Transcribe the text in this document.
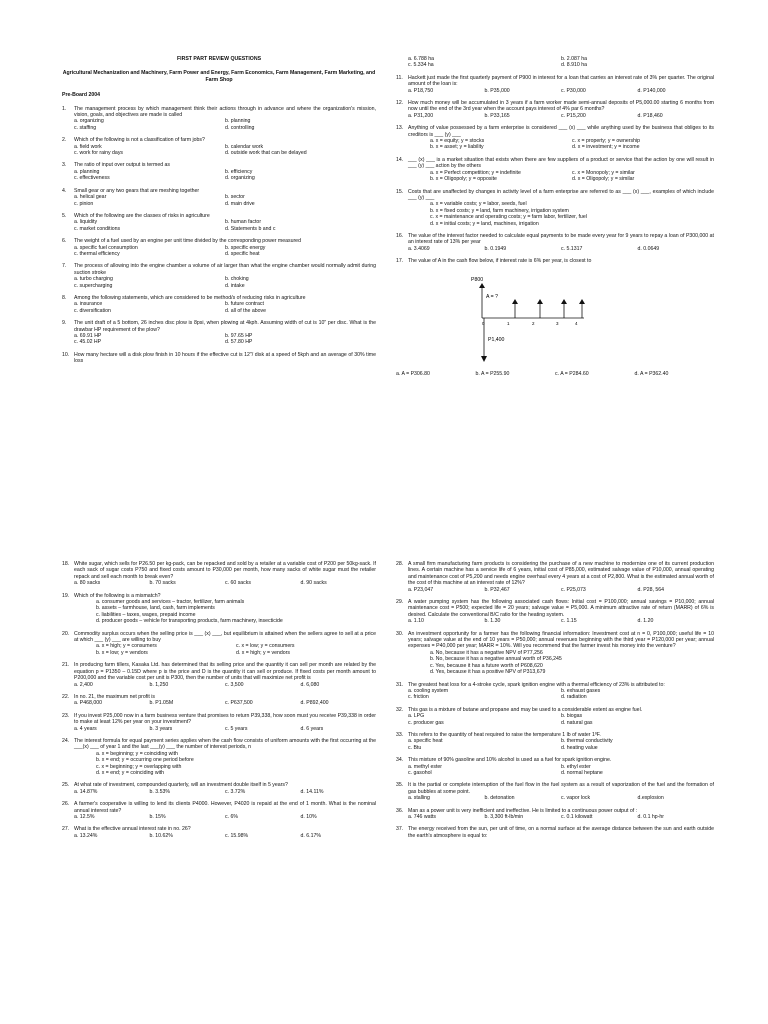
FIRST PART REVIEW QUESTIONS
Agricultural Mechanization and Machinery, Farm Power and Energy, Farm Economics, Farm Management, Farm Marketing, and Farm Shop
Pre-Board 2004
1.	The management process by which management think their actions through in advance and where the organization's mission, vision, goals, and objectives are made is called
a. organizing	b. planning
c. staffing	d. controlling
2.	Which of the following is not a classification of farm jobs?
a. field work	b. calendar work
c. work for rainy days	d. outside work that can be delayed
3.	The ratio of input over output is termed as
a. planning	b. efficiency
c. effectiveness	d. organizing
4.	Small gear or any two gears that are meshing together
a. helical gear	b. sector
c. pinion	d. main drive
5.	Which of the following are the classes of risks in agriculture
a. liquidity	b. human factor
c. market conditions	d. Statements b and c
6.	The weight of a fuel used by an engine per unit time divided by the corresponding power measured
a. specific fuel consumption	b. specific energy
c. thermal efficiency	d. specific heat
7.	The process of allowing into the engine chamber a volume of air larger than what the engine chamber would normally admit during suction stroke
a. turbo charging	b. choking
c. supercharging	d. intake
8.	Among the following statements, which are considered to be method/s of reducing risks in agriculture
a. insurance	b. future contract
c. diversification	d. all of the above
9.	The unit draft of a 5 bottom, 26 inches disc plow is 8psi, when plowing at 4kph. Assuming width of cut is 10" per disc. What is the drawbar HP requirement of the plow?
a. 69.91 HP	b. 97.65 HP
c. 45.02 HP	d. 57.80 HP
10. How many hectare will a disk plow finish in 10 hours if the effective cut is 12"/ disk at a speed of 5kph and an average of 30% time loss
a. 6.788 ha	b. 2.087 ha
c. 5.334 ha	d. 8.910 ha
11. Hackett just made the first quarterly payment of P900 in interest for a loan that carries an interest rate of 3% per quarter. The original amount of the loan is:
a. P18,750	b. P35,000	c. P30,000	d. P140,000
12. How much money will be accumulated in 3 years if a farm worker made semi-annual deposits of P5,000.00 starting 6 months from now until the end of the 3rd year when the account pays interest of 4% par 6 months?
a. P31,200	b. P33,165	c. P15,200	d. P18,460
13. Anything of value possessed by a farm enterprise is considered ___ (x) ___ while anything used by the business that obliges to its creditors is ___ (y) ___
a. x = equity; y = stocks	c. x = property; y = ownership
b. x = asset; y = liability	d. x = investment; y = income
14. ___ (x) ___ is a market situation that exists when there are few suppliers of a product or service that the action by one will result in ___ (y) ___ action by the others
a. x = Perfect competition; y = indefinite	c. x = Monopoly; y = similar
b. x = Oligopoly; y = opposite	d. x = Oligopoly; y = similar
15. Costs that are unaffected by changes in activity level of a farm enterprise are referred to as ___ (x) ___, examples of which include ___ (y) ___
a. x = variable costs; y = labor, seeds, fuel
b. x = fixed costs; y = land, farm machinery, irrigation system
c. x = maintenance and operating costs; y = farm labor, fertilizer, fuel
d. x = initial costs; y = land, machines, irrigation
16. The value of the interest factor needed to calculate equal payments to be made every year for 9 years to repay a loan of P300,000 at an interest rate of 13% per year
a. 3.4069	b. 0.1949	c. 5.1317	d. 0.0649
17. The value of A in the cash flow below, if interest rate is 6% per year, is closest to
P800
A = ?
0	1	2	3	4
P1,400
a. A = P306.80	b. A = P255.90	c. A = P284.60	d. A = P362.40
18. White sugar, which sells for P26.50 per kg-pack, can be repacked and sold by a retailer at a variable cost of P200 per 50kg-sack. If each sack of sugar costs P750 and fixed costs amount to P30,000 per month, how many sacks of white sugar must the retailer repack and sell each month to break even?
a. 80 sacks	b. 70 sacks	c. 60 sacks	d. 90 sacks
19. Which of the following is a mismatch?
a. consumer goods and services – tractor, fertilizer, farm animals
b. assets – farmhouse, land, cash, farm implements
c. liabilities – taxes, wages, prepaid income
d. producer goods – vehicle for transporting products, farm machinery, insecticide
20. Commodity surplus occurs when the selling price is ___ (x) ___, but equilibrium is attained when the sellers agree to sell at a price at which ___ (y) ___ are willing to buy
a. x = high; y = consumers	c. x = low; y = consumers
b. x = low; y = vendors	d. x = high; y = vendors
21. In producing farm tillers, Kasaka Ltd. has determined that its selling price and the quantity it can sell per month are related by the equation p = P1350 – 0.15D where p is the price and D is the quantity it can sell or produce. If fixed costs per month amount to P200,000 and the variable cost per unit is P300, then the number of units that will maximize net profit is
a. 2,400	b. 1,250	c. 3,500	d. 6,080
22. In no. 21, the maximum net profit is
a. P468,000	b. P1.05M	c. P637,500	d. P892,400
23. If you invest P25,000 now in a farm business venture that promises to return P39,338, how soon must you receive P39,338 in order to make at least 12% per year on your investment?
a. 4 years	b. 3 years	c. 5 years	d. 6 years
24. The interest formula for equal payment series applies when the cash flow consists of uniform amounts with the first occurring at the ___(x) ___ of year 1 and the last ___(y) ___ the number of interest periods, n
a. x = beginning; y = coinciding with
b. x = end; y = occurring one period before
c. x = beginning; y = overlapping with
d. x = end; y = coinciding with
25. At what rate of investment, compounded quarterly, will an investment double itself in 5 years?
a. 14.87%	b. 3.53%	c. 3.72%	d. 14.11%
26. A farmer's cooperative is willing to lend its clients P4000. However, P4020 is repaid at the end of 1 month. What is the nominal annual interest rate?
a. 12.5%	b. 15%	c. 6%	d. 10%
27. What is the effective annual interest rate in no. 26?
a. 13.24%	b. 10.62%	c. 15.98%	d. 6.17%
28. A small firm manufacturing farm products is considering the purchase of a new machine to modernize one of its current production lines. A certain machine has a service life of 6 years, initial cost of P85,000, estimated salvage value of P10,000, annual operating and maintenance cost of P5,200 and needs engine overhaul every 4 years at a cost of P2,800. What is the estimated annual worth of the cost of this machine at an interest rate of 12%?
a. P23,047	b. P32,467	c. P25,073	d. P28, 564
29. A water pumping system has the following associated cash flows: Initial cost = P100,000; annual savings = P10,000; annual maintenance cost = P500; expected life = 20 years; salvage value = P5,000. A minimum attractive rate of return (MARR) of 6% is desired. Calculate the conventional B/C ratio for the heating system.
a. 1.10	b. 1.30	c. 1.15	d. 1.20
30. An investment opportunity for a farmer has the following financial information: Investment cost at n = 0, P100,000; useful life = 10 years; salvage value at the end of 10 years = P50,000; annual revenues beginning with the third year = P120,000 per year; annual expenses = P40,000 per year; MARR = 10%. Will you recommend that the farmer invest his money into the venture?
a. No, because it has a negative NPV of P77,256
b. No, because it has a negative annual worth of P36,245
c. Yes, because it has a future worth of P608,620
d. Yes, because it has a positive NPV of P313,679
31. The greatest heat loss for a 4-stroke cycle, spark ignition engine with a thermal efficiency of 23% is attributed to:
a. cooling system	b. exhaust gases
c. friction	d. radiation
32. This gas is a mixture of butane and propane and may be used to a considerable extent as engine fuel.
a. LPG	b. biogas
c. producer gas	d. natural gas
33. This refers to the quantity of heat required to raise the temperature 1 lb of water 1ºF.
a. specific heat	b. thermal conductivity
c. Btu	d. heating value
34. This mixture of 90% gasoline and 10% alcohol is used as a fuel for spark ignition engine.
a. methyl ester	b. ethyl ester
c. gasohol	d. normal heptane
35. It is the partial or complete interruption of the fuel flow in the fuel system as a result of vaporization of the fuel and the formation of gas bubbles at some point.
a. stalling	b. detonation	c. vapor lock	d.explosion
36. Man as a power unit is very inefficient and ineffective. He is limited to a continuous power output of :
a. 746 watts	b. 3,300 ft-lb/min	c. 0.1 kilowatt	d. 0.1 hp-hr
37. The energy received from the sun, per unit of time, on a normal surface at the average distance between the sun and earth outside the earth's atmosphere is equal to:
